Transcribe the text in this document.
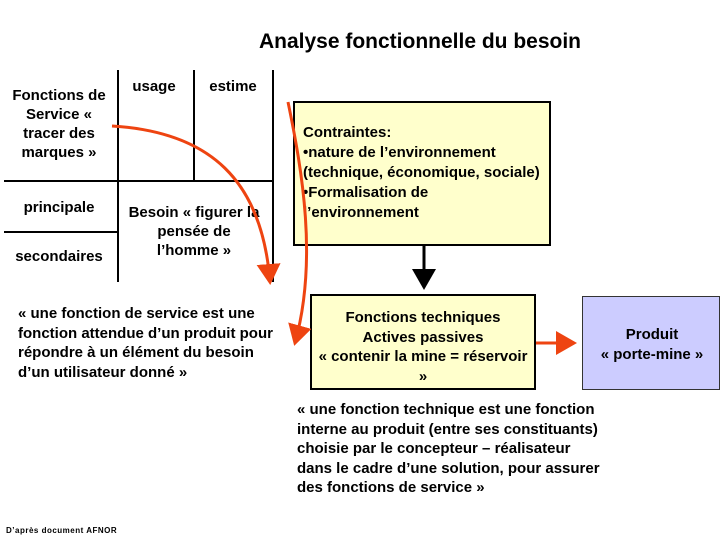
Analyse fonctionnelle du besoin
Fonctions de Service « tracer des marques »
usage	estime
principale
secondaires
Besoin « figurer la pensée de l’homme »
Contraintes:
•nature de l’environnement (technique, économique, sociale)
•Formalisation de l’environnement
« une fonction de service est une fonction attendue d’un produit pour répondre à un élément du besoin d’un utilisateur donné »
Fonctions techniques
Actives passives
« contenir la mine = réservoir »
Produit
« porte-mine »
« une fonction technique est une fonction interne au produit (entre ses constituants) choisie par le concepteur – réalisateur dans le cadre d’une solution, pour assurer des fonctions de service »
D’après document AFNOR
